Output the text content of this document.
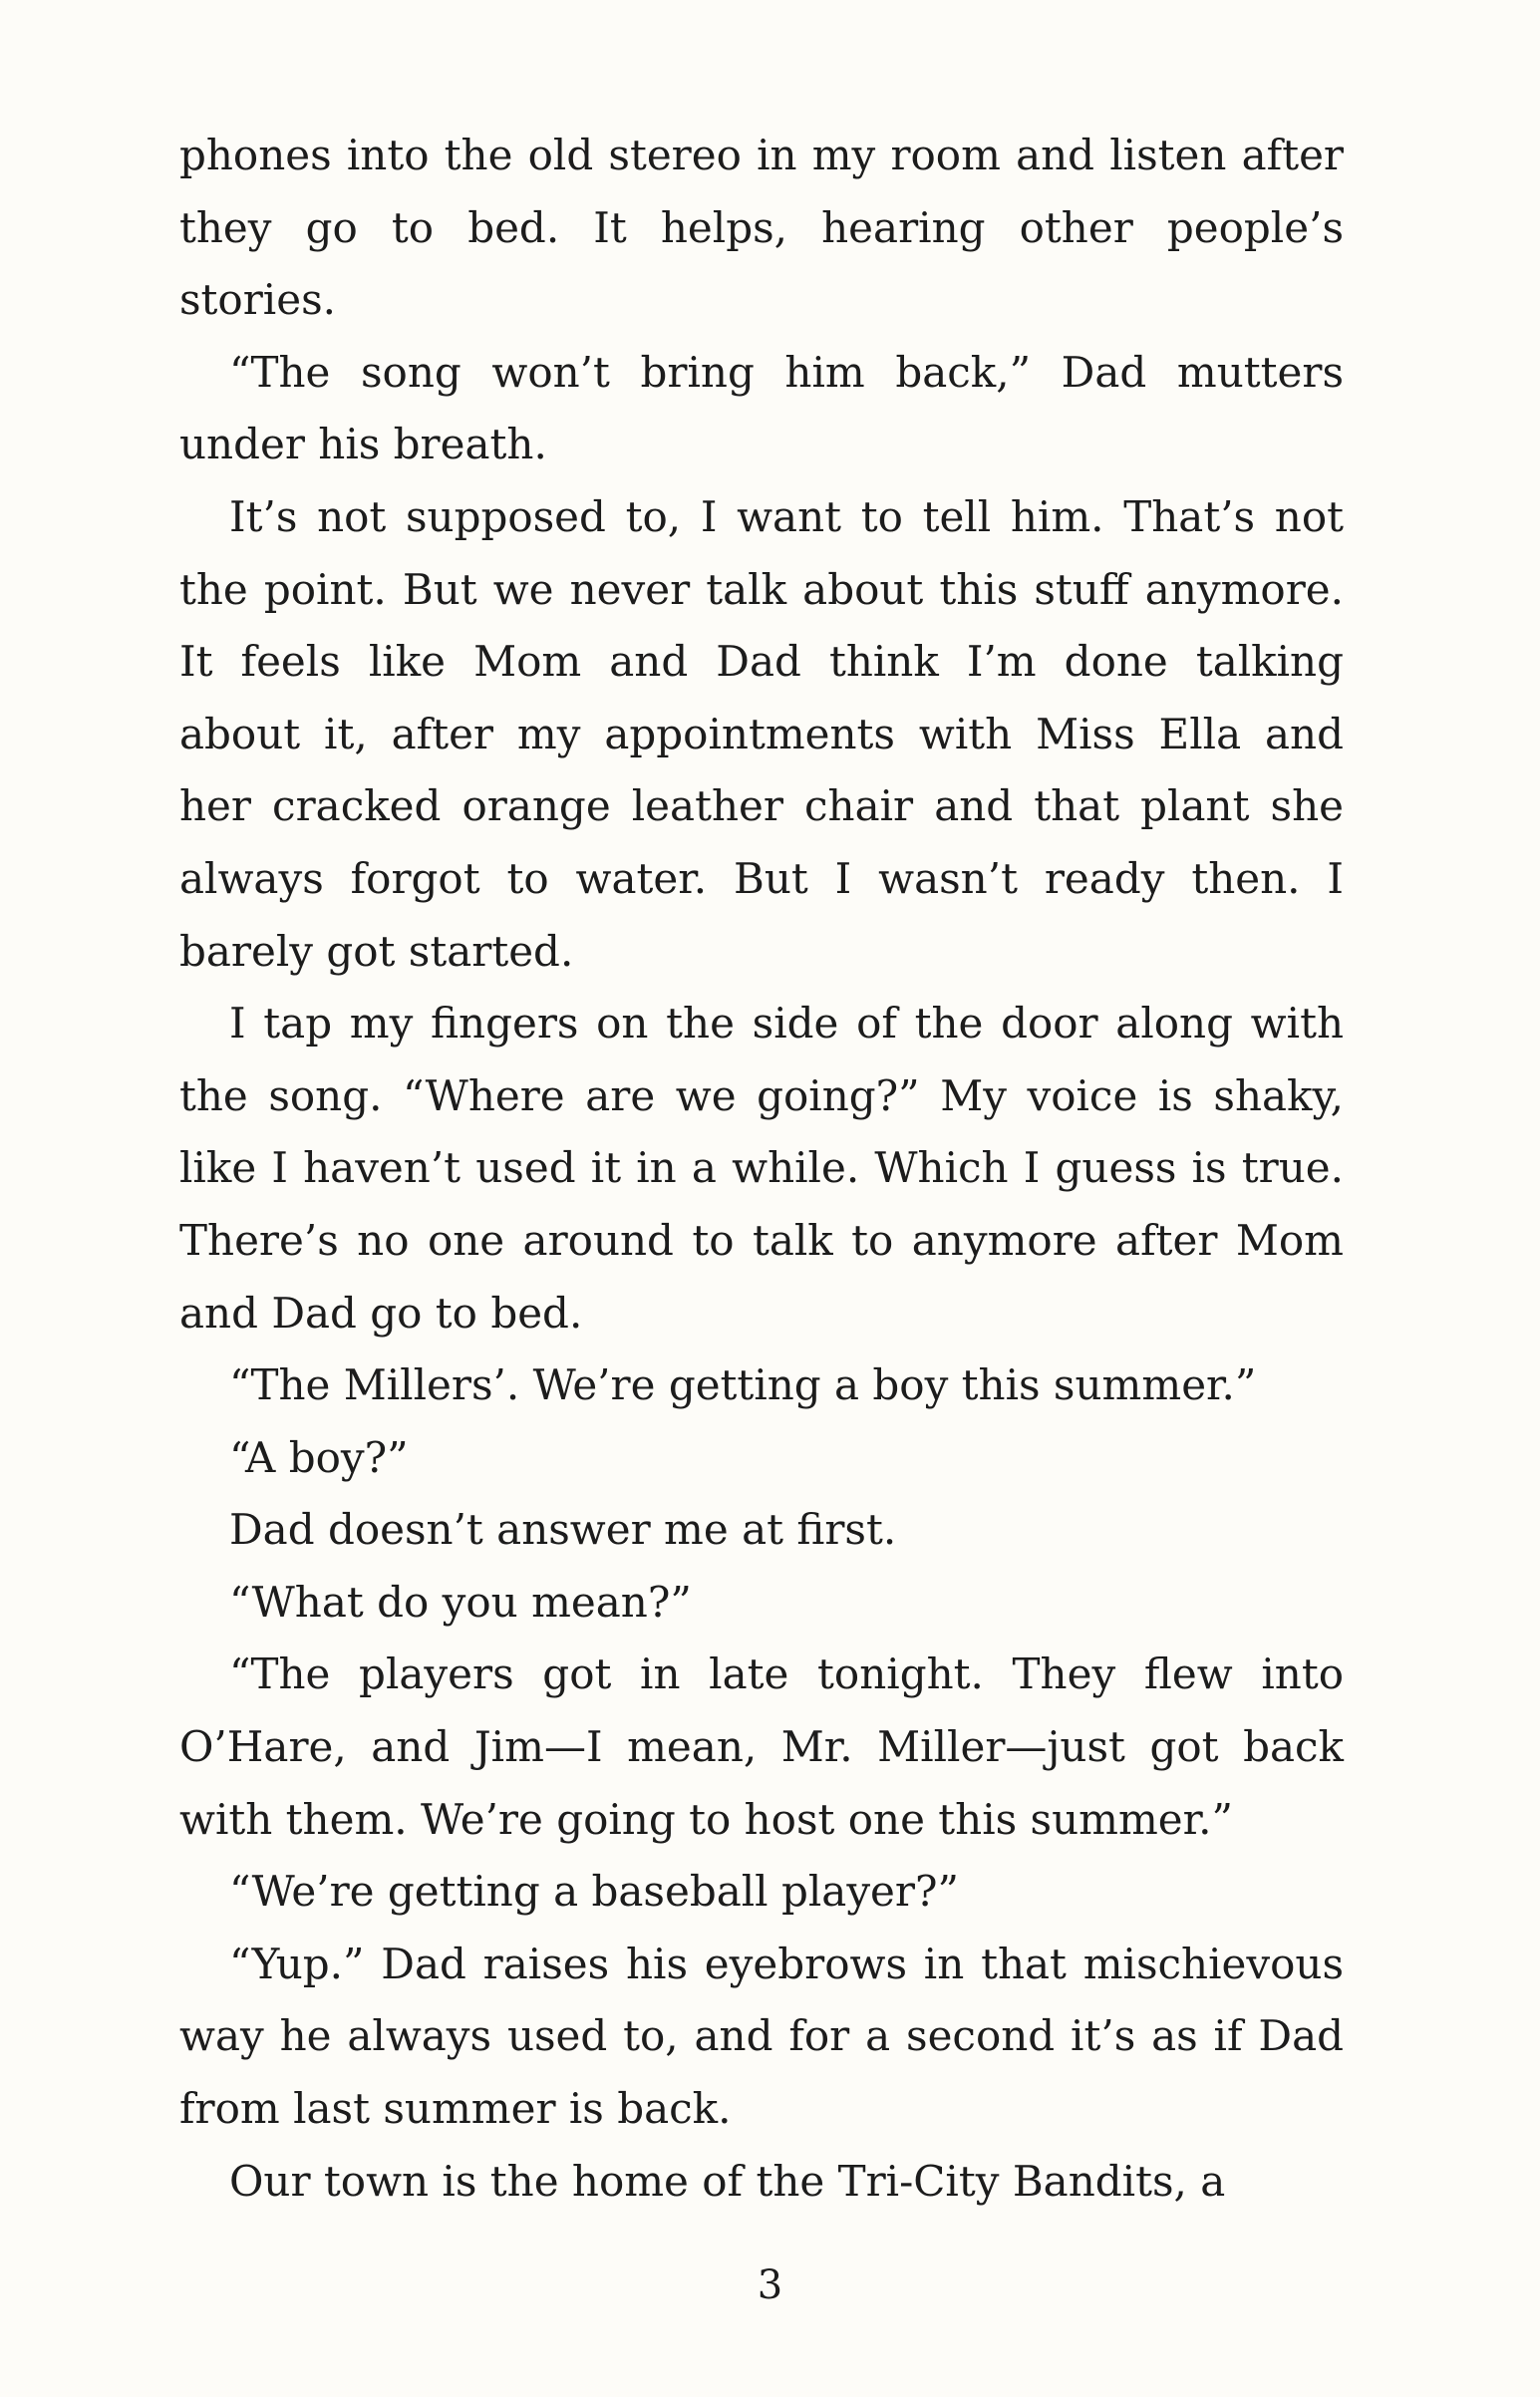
phones into the old stereo in my room and listen after they go to bed. It helps, hearing other people’s stories.

“The song won’t bring him back,” Dad mutters under his breath.

It’s not supposed to, I want to tell him. That’s not the point. But we never talk about this stuff anymore. It feels like Mom and Dad think I’m done talking about it, after my appointments with Miss Ella and her cracked orange leather chair and that plant she always forgot to water. But I wasn’t ready then. I barely got started.

I tap my fingers on the side of the door along with the song. “Where are we going?” My voice is shaky, like I haven’t used it in a while. Which I guess is true. There’s no one around to talk to anymore after Mom and Dad go to bed.

“The Millers’. We’re getting a boy this summer.”

“A boy?”

Dad doesn’t answer me at first.

“What do you mean?”

“The players got in late tonight. They flew into O’Hare, and Jim—I mean, Mr. Miller—just got back with them. We’re going to host one this summer.”

“We’re getting a baseball player?”

“Yup.” Dad raises his eyebrows in that mischievous way he always used to, and for a second it’s as if Dad from last summer is back.

Our town is the home of the Tri-City Bandits, a

3
